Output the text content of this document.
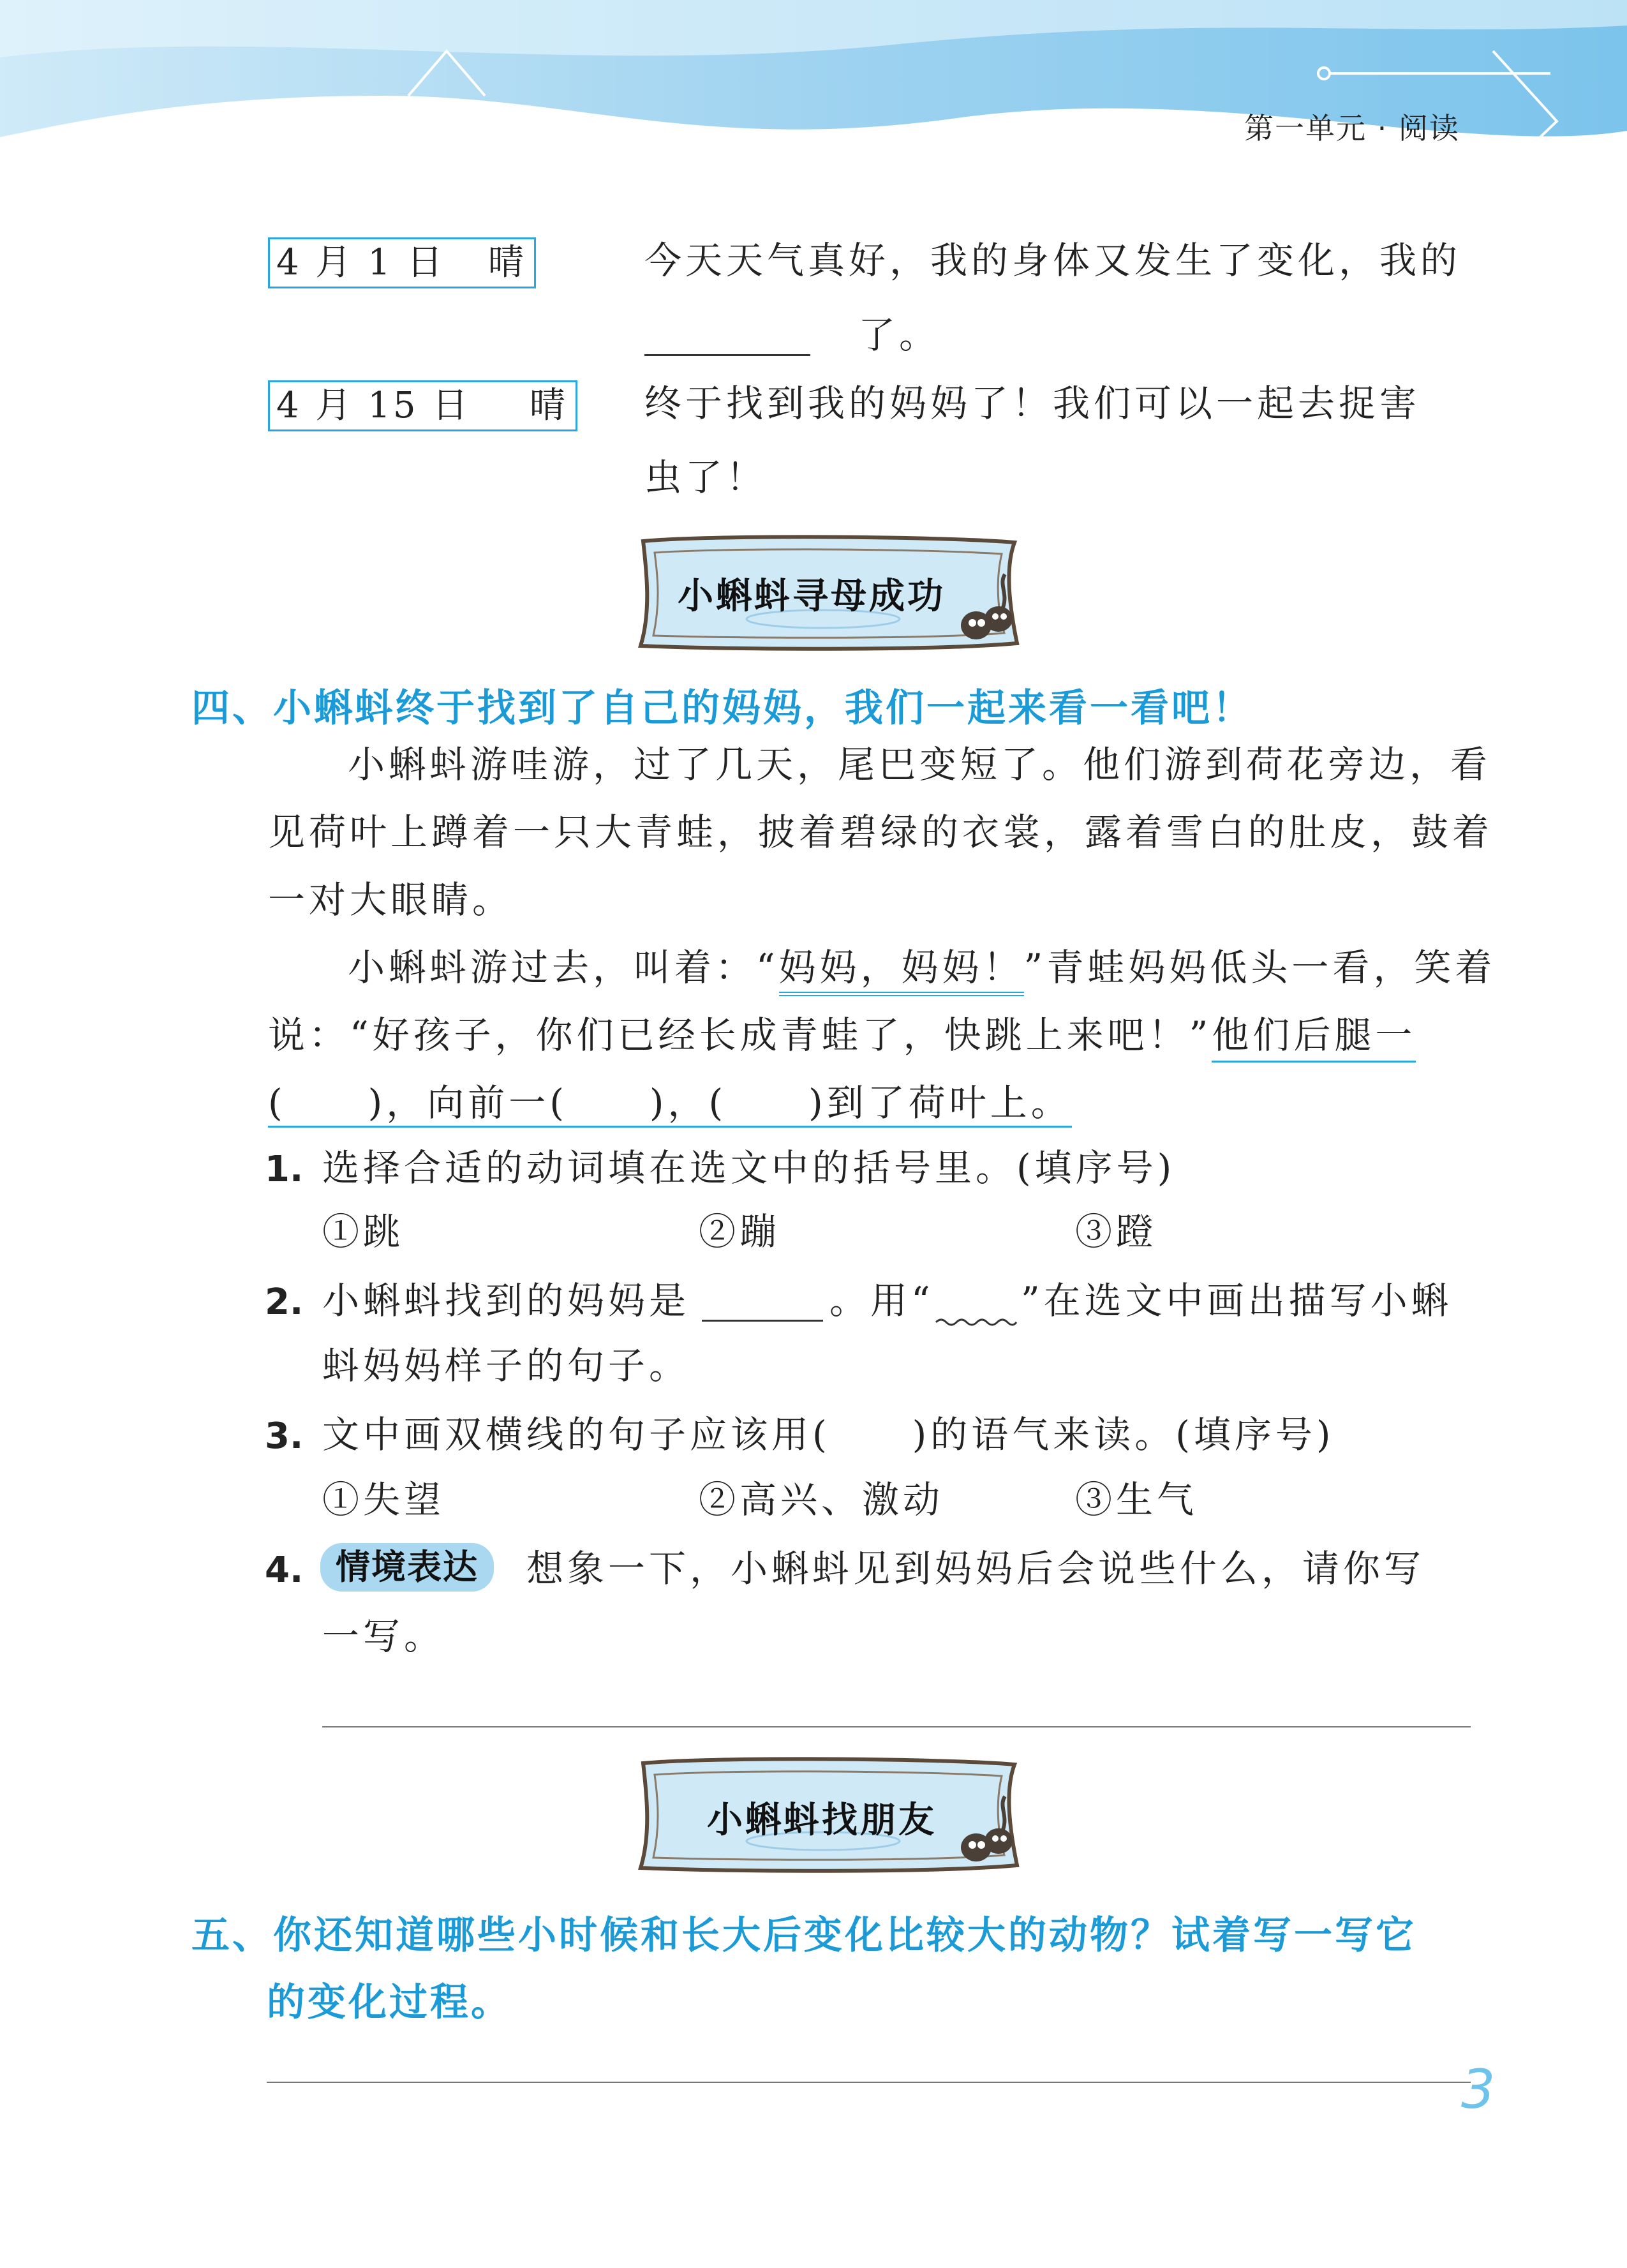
第一单元 · 阅读
4 月 1 日 晴	今天天气真好，我的身体又发生了变化，我的
了。
4 月 15 日 晴 终于找到我的妈妈了！我们可以一起去捉害
虫了！
小蝌蚪寻母成功
四、小蝌蚪终于找到了自己的妈妈，我们一起来看一看吧！
小蝌蚪游哇游，过了几天，尾巴变短了。他们游到荷花旁边，看
见荷叶上蹲着一只大青蛙，披着碧绿的衣裳，露着雪白的肚皮，鼓着
一对大眼睛。
小蝌蚪游过去，叫着：“妈妈，妈妈！”青蛙妈妈低头一看，笑着
说：“好孩子，你们已经长成青蛙了，快跳上来吧！”他们后腿一
(　　)，向前一(　　)，(　　)到了荷叶上。
1. 选择合适的动词填在选文中的括号里。(填序号)
①跳	②蹦	③蹬
2. 小蝌蚪找到的妈妈是	。用“ ”在选文中画出描写小蝌
蚪妈妈样子的句子。
3. 文中画双横线的句子应该用(　　)的语气来读。(填序号)
①失望	②高兴、激动	③生气
4. 情境表达	想象一下，小蝌蚪见到妈妈后会说些什么，请你写
一写。
小蝌蚪找朋友
五、你还知道哪些小时候和长大后变化比较大的动物？试着写一写它
的变化过程。
3
